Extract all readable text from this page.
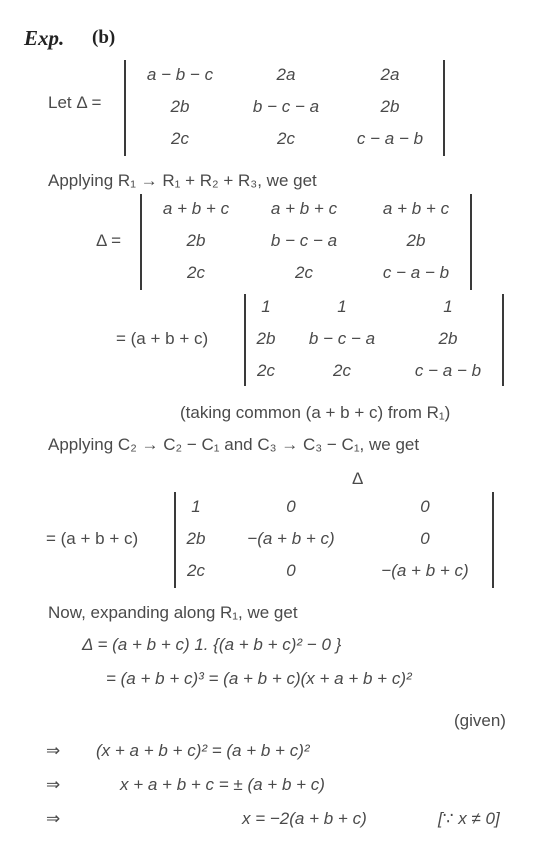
Exp. (b)
Let Δ =
a − b − c	2a	2a
2b	b − c − a	2b
2c	2c	c − a − b
Applying R₁ → R₁ + R₂ + R₃, we get
Δ =
a + b + c	a + b + c	a + b + c
2b	b − c − a	2b
2c	2c	c − a − b
= (a + b + c)
1	1	1
2b	b − c − a	2b
2c	2c	c − a − b
(taking common (a + b + c) from R₁)
Applying C₂ → C₂ − C₁ and C₃ → C₃ − C₁, we get
Δ
= (a + b + c)
1	0	0
2b	−(a + b + c)	0
2c	0	−(a + b + c)
Now, expanding along R₁, we get
Δ = (a + b + c) 1. {(a + b + c)² − 0 }
= (a + b + c)³ = (a + b + c)(x + a + b + c)²
(given)
⇒ (x + a + b + c)² = (a + b + c)²
⇒	x + a + b + c = ± (a + b + c)
⇒	x = −2(a + b + c)	[∵ x ≠ 0]
